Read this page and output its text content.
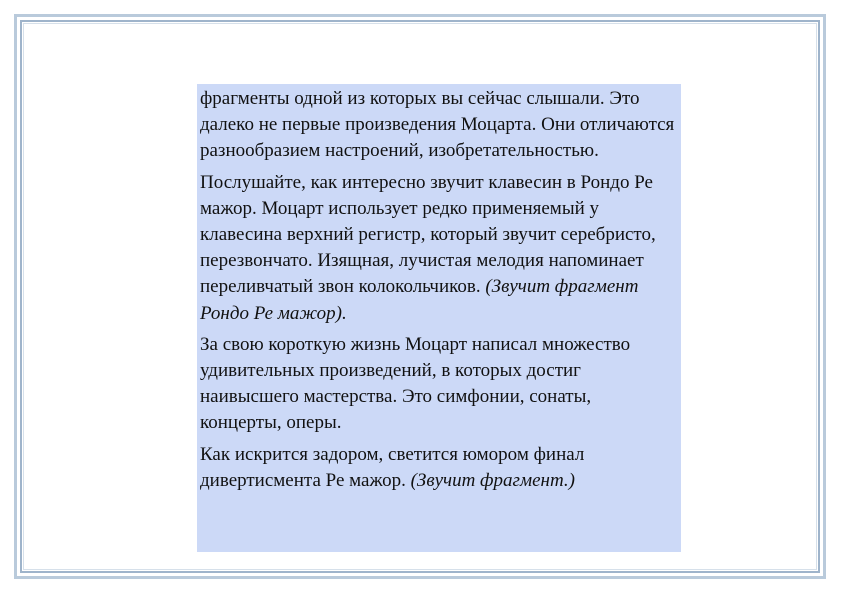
фрагменты одной из которых вы сейчас слышали. Это далеко не первые произведения Моцарта. Они отличаются разнообразием настроений, изобретательностью.

Послушайте, как интересно звучит клавесин в Рондо Ре мажор. Моцарт использует редко применяемый у клавесина верхний регистр, который звучит серебристо, перезвончато. Изящная, лучистая мелодия напоминает переливчатый звон колокольчиков. (Звучит фрагмент Рондо Ре мажор).

За свою короткую жизнь Моцарт написал множество удивительных произведений, в которых достиг наивысшего мастерства. Это симфонии, сонаты, концерты, оперы.

Как искрится задором, светится юмором финал дивертисмента Ре мажор. (Звучит фрагмент.)
